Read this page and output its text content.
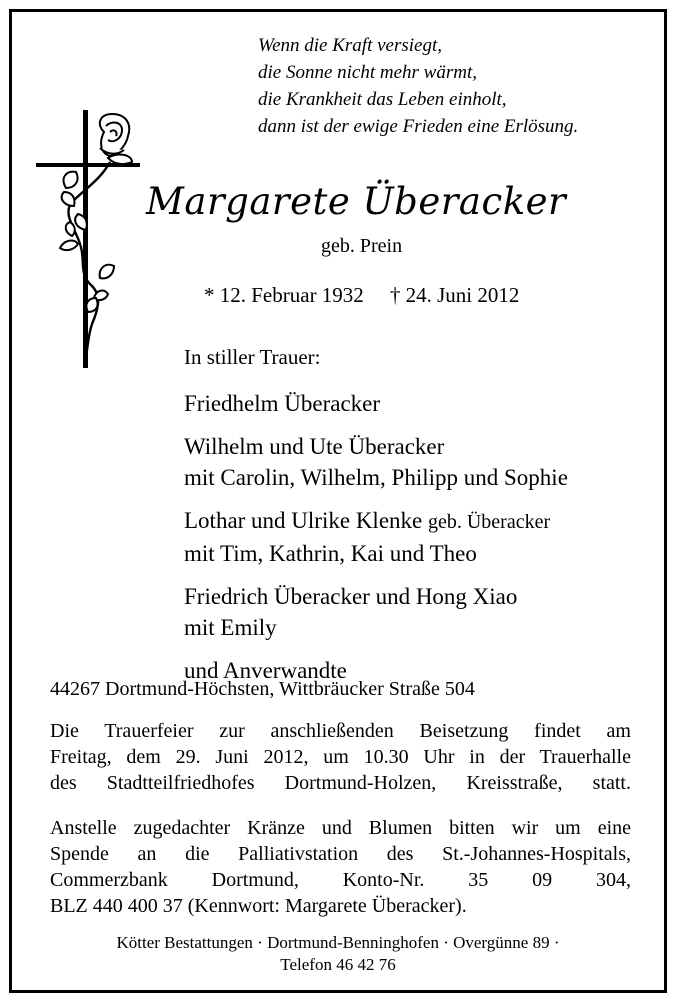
Wenn die Kraft versiegt,
die Sonne nicht mehr wärmt,
die Krankheit das Leben einholt,
dann ist der ewige Frieden eine Erlösung.
Margarete Überacker
geb. Prein
* 12. Februar 1932 † 24. Juni 2012
In stiller Trauer:
Friedhelm Überacker
Wilhelm und Ute Überacker
mit Carolin, Wilhelm, Philipp und Sophie
Lothar und Ulrike Klenke geb. Überacker
mit Tim, Kathrin, Kai und Theo
Friedrich Überacker und Hong Xiao
mit Emily
und Anverwandte
44267 Dortmund-Höchsten, Wittbräucker Straße 504
Die Trauerfeier zur anschließenden Beisetzung findet am
Freitag, dem 29. Juni 2012, um 10.30 Uhr in der Trauerhalle
des Stadtteilfriedhofes Dortmund-Holzen, Kreisstraße, statt.
Anstelle zugedachter Kränze und Blumen bitten wir um eine
Spende an die Palliativstation des St.-Johannes-Hospitals,
Commerzbank Dortmund, Konto-Nr. 35 09 304,
BLZ 440 400 37 (Kennwort: Margarete Überacker).
Kötter Bestattungen · Dortmund-Benninghofen · Overgünne 89 ·
Telefon 46 42 76
